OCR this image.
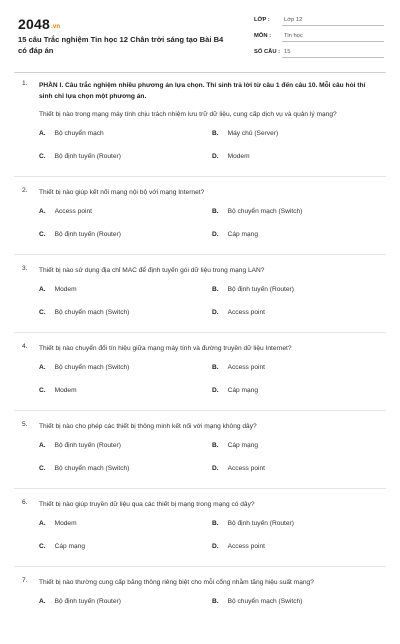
2048.vn
15 câu Trắc nghiệm Tin học 12 Chân trời sáng tạo Bài B4 có đáp án
LỚP : Lớp 12
MÔN : Tin học
SỐ CÂU : 15
1. PHẦN I. Câu trắc nghiệm nhiều phương án lựa chọn. Thí sinh trả lời từ câu 1 đến câu 10. Mỗi câu hỏi thí sinh chỉ lựa chọn một phương án.
Thiết bị nào trong mạng máy tính chịu trách nhiệm lưu trữ dữ liệu, cung cấp dịch vụ và quản lý mạng?
A. Bộ chuyển mạch	B. Máy chủ (Server)
C. Bộ định tuyến (Router)	D. Modem
2. Thiết bị nào giúp kết nối mạng nội bộ với mạng Internet?
A. Access point	B. Bộ chuyển mạch (Switch)
C. Bộ định tuyến (Router)	D. Cáp mạng
3. Thiết bị nào sử dụng địa chỉ MAC để định tuyến gói dữ liệu trong mạng LAN?
A. Modem	B. Bộ định tuyến (Router)
C. Bộ chuyển mạch (Switch)	D. Access point
4. Thiết bị nào chuyển đổi tín hiệu giữa mạng máy tính và đường truyền dữ liệu Internet?
A. Bộ chuyển mạch (Switch)	B. Access point
C. Modem	D. Cáp mạng
5. Thiết bị nào cho phép các thiết bị thông minh kết nối với mạng không dây?
A. Bộ định tuyến (Router)	B. Cáp mạng
C. Bộ chuyển mạch (Switch)	D. Access point
6. Thiết bị nào giúp truyền dữ liệu qua các thiết bị mạng trong mạng có dây?
A. Modem	B. Bộ định tuyến (Router)
C. Cáp mạng	D. Access point
7. Thiết bị nào thường cung cấp băng thông riêng biệt cho mỗi cổng nhằm tăng hiệu suất mạng?
A. Bộ định tuyến (Router)	B. Bộ chuyển mạch (Switch)
